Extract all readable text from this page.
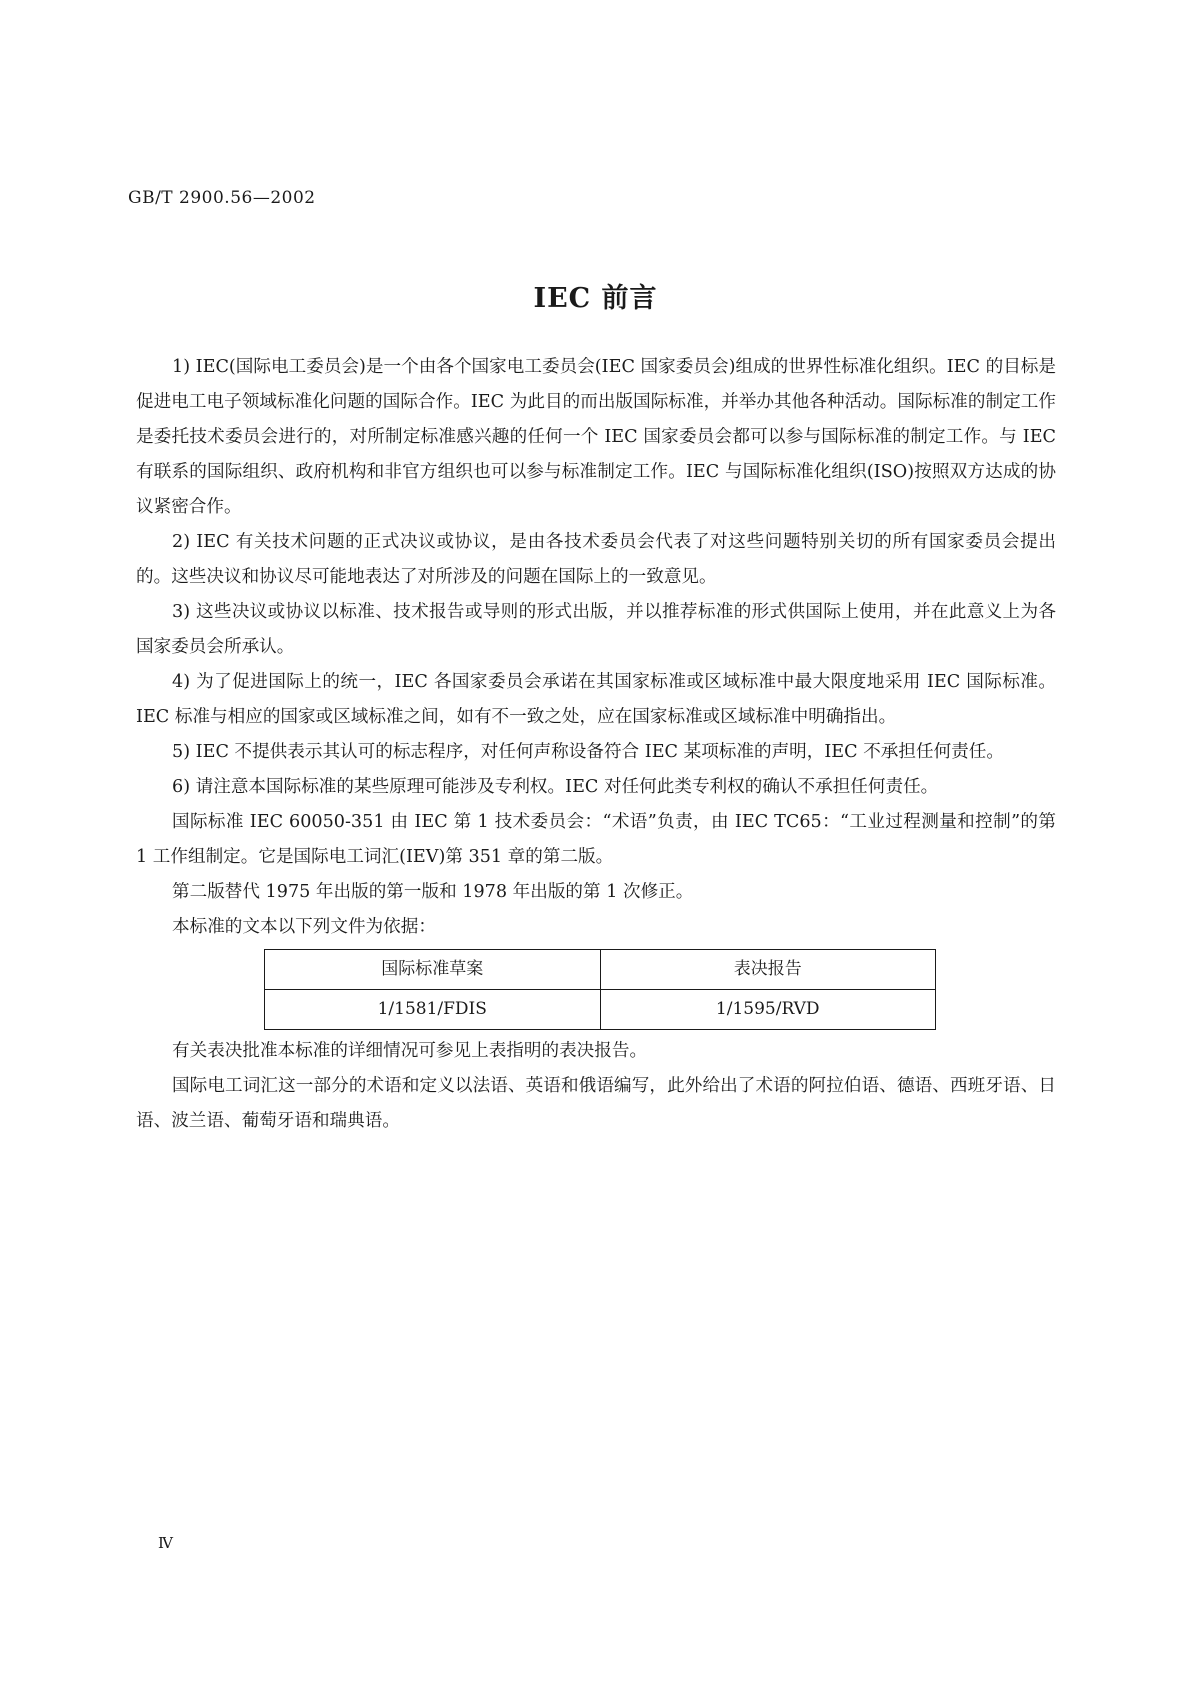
GB/T 2900.56—2002
IEC 前言

1) IEC(国际电工委员会)是一个由各个国家电工委员会(IEC 国家委员会)组成的世界性标准化组织。IEC 的目标是促进电工电子领域标准化问题的国际合作。IEC 为此目的而出版国际标准，并举办其他各种活动。国际标准的制定工作是委托技术委员会进行的，对所制定标准感兴趣的任何一个 IEC 国家委员会都可以参与国际标准的制定工作。与 IEC 有联系的国际组织、政府机构和非官方组织也可以参与标准制定工作。IEC 与国际标准化组织(ISO)按照双方达成的协议紧密合作。

2) IEC 有关技术问题的正式决议或协议，是由各技术委员会代表了对这些问题特别关切的所有国家委员会提出的。这些决议和协议尽可能地表达了对所涉及的问题在国际上的一致意见。

3) 这些决议或协议以标准、技术报告或导则的形式出版，并以推荐标准的形式供国际上使用，并在此意义上为各国家委员会所承认。

4) 为了促进国际上的统一，IEC 各国家委员会承诺在其国家标准或区域标准中最大限度地采用 IEC 国际标准。IEC 标准与相应的国家或区域标准之间，如有不一致之处，应在国家标准或区域标准中明确指出。

5) IEC 不提供表示其认可的标志程序，对任何声称设备符合 IEC 某项标准的声明，IEC 不承担任何责任。

6) 请注意本国际标准的某些原理可能涉及专利权。IEC 对任何此类专利权的确认不承担任何责任。

国际标准 IEC 60050-351 由 IEC 第 1 技术委员会：“术语”负责，由 IEC TC65：“工业过程测量和控制”的第 1 工作组制定。它是国际电工词汇(IEV)第 351 章的第二版。

第二版替代 1975 年出版的第一版和 1978 年出版的第 1 次修正。

本标准的文本以下列文件为依据：

国际标准草案	表决报告
1/1581/FDIS	1/1595/RVD

有关表决批准本标准的详细情况可参见上表指明的表决报告。

国际电工词汇这一部分的术语和定义以法语、英语和俄语编写，此外给出了术语的阿拉伯语、德语、西班牙语、日语、波兰语、葡萄牙语和瑞典语。

Ⅳ
